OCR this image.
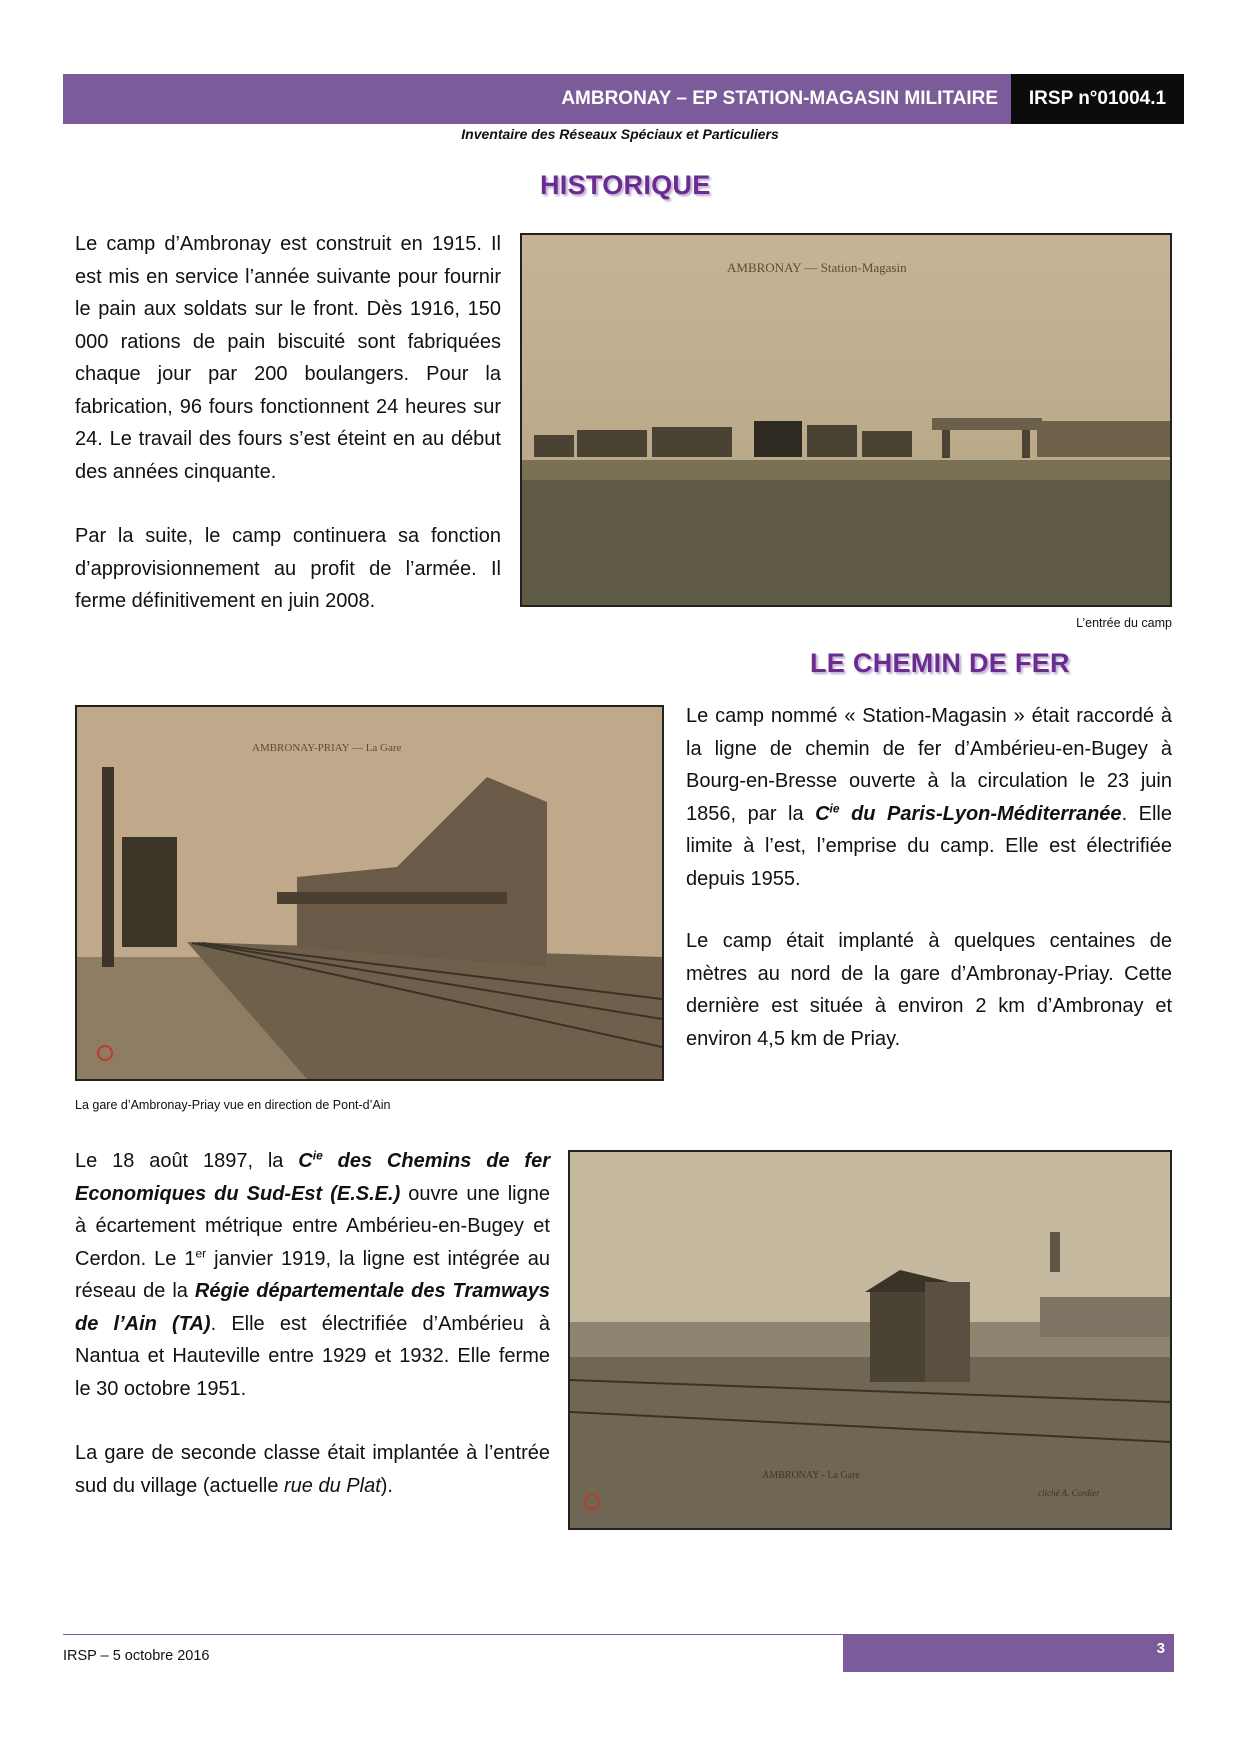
AMBRONAY – EP STATION-MAGASIN MILITAIRE	IRSP n°01004.1
Inventaire des Réseaux Spéciaux et Particuliers
HISTORIQUE
Le camp d’Ambronay est construit en 1915. Il est mis en service l’année suivante pour fournir le pain aux soldats sur le front. Dès 1916, 150 000 rations de pain biscuité sont fabriquées chaque jour par 200 boulangers. Pour la fabrication, 96 fours fonctionnent 24 heures sur 24. Le travail des fours s’est éteint en au début des années cinquante.
Par la suite, le camp continuera sa fonction d’approvisionnement au profit de l’armée. Il ferme définitivement en juin 2008.
AMBRONAY — Station-Magasin
L’entrée du camp
LE CHEMIN DE FER
AMBRONAY-PRIAY — La Gare
Le camp nommé « Station-Magasin » était raccordé à la ligne de chemin de fer d’Ambérieu-en-Bugey à Bourg-en-Bresse ouverte à la circulation le 23 juin 1856, par la $C^{ie}$ du Paris-Lyon-Méditerranée. Elle limite à l’est, l’emprise du camp. Elle est électrifiée depuis 1955.
Le camp était implanté à quelques centaines de mètres au nord de la gare d’Ambronay-Priay. Cette dernière est située à environ 2 km d’Ambronay et environ 4,5 km de Priay.
La gare d’Ambronay-Priay vue en direction de Pont-d’Ain
Le 18 août 1897, la $C^{ie}$ des Chemins de fer Economiques du Sud-Est (E.S.E.) ouvre une ligne à écartement métrique entre Ambérieu-en-Bugey et Cerdon. Le 1er janvier 1919, la ligne est intégrée au réseau de la Régie départementale des Tramways de l’Ain (TA). Elle est électrifiée d’Ambérieu à Nantua et Hauteville entre 1929 et 1932. Elle ferme le 30 octobre 1951.
La gare de seconde classe était implantée à l’entrée sud du village (actuelle rue du Plat).	AMBRONAY - La Gare
cliché A. Cordier
3
IRSP – 5 octobre 2016
